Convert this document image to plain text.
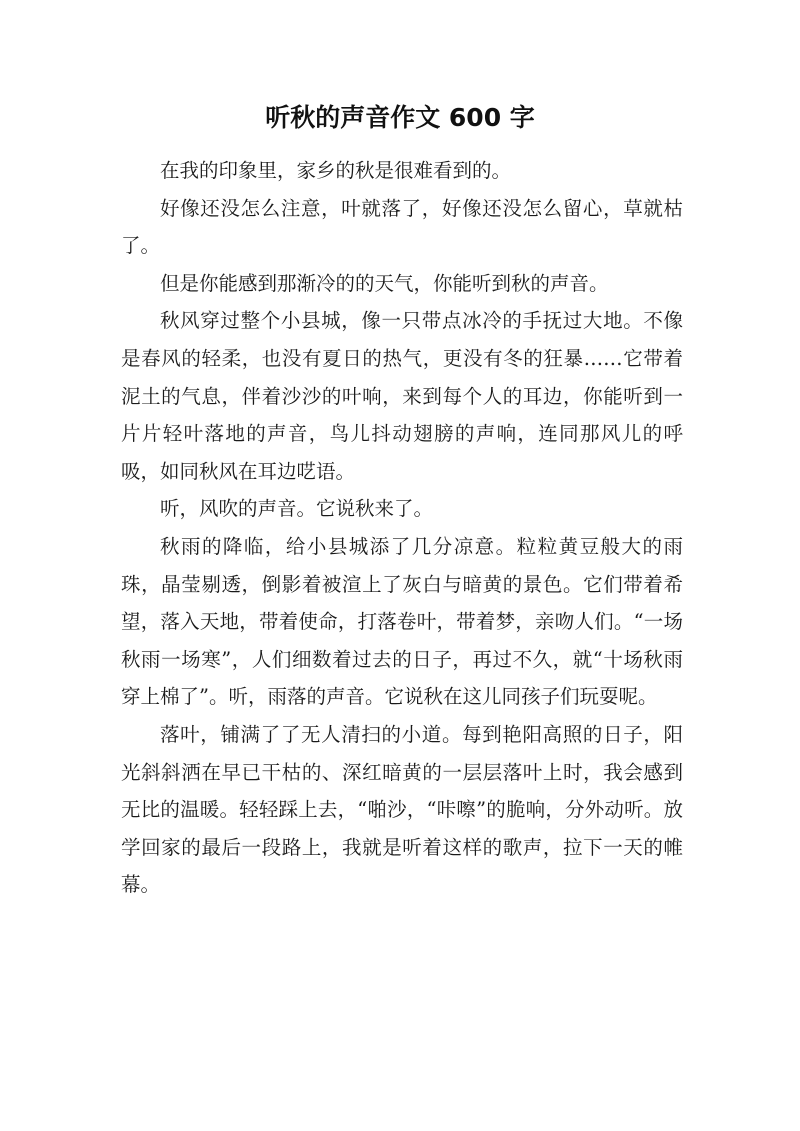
听秋的声音作文 600 字

在我的印象里，家乡的秋是很难看到的。

好像还没怎么注意，叶就落了，好像还没怎么留心，草就枯了。

但是你能感到那渐冷的的天气，你能听到秋的声音。

秋风穿过整个小县城，像一只带点冰冷的手抚过大地。不像是春风的轻柔，也没有夏日的热气，更没有冬的狂暴……它带着泥土的气息，伴着沙沙的叶响，来到每个人的耳边，你能听到一片片轻叶落地的声音，鸟儿抖动翅膀的声响，连同那风儿的呼吸，如同秋风在耳边呓语。

听，风吹的声音。它说秋来了。

秋雨的降临，给小县城添了几分凉意。粒粒黄豆般大的雨珠，晶莹剔透，倒影着被渲上了灰白与暗黄的景色。它们带着希望，落入天地，带着使命，打落卷叶，带着梦，亲吻人们。“一场秋雨一场寒”，人们细数着过去的日子，再过不久，就“十场秋雨穿上棉了”。听，雨落的声音。它说秋在这儿同孩子们玩耍呢。

落叶，铺满了了无人清扫的小道。每到艳阳高照的日子，阳光斜斜洒在早已干枯的、深红暗黄的一层层落叶上时，我会感到无比的温暖。轻轻踩上去，“啪沙，“咔嚓”的脆响，分外动听。放学回家的最后一段路上，我就是听着这样的歌声，拉下一天的帷幕。
